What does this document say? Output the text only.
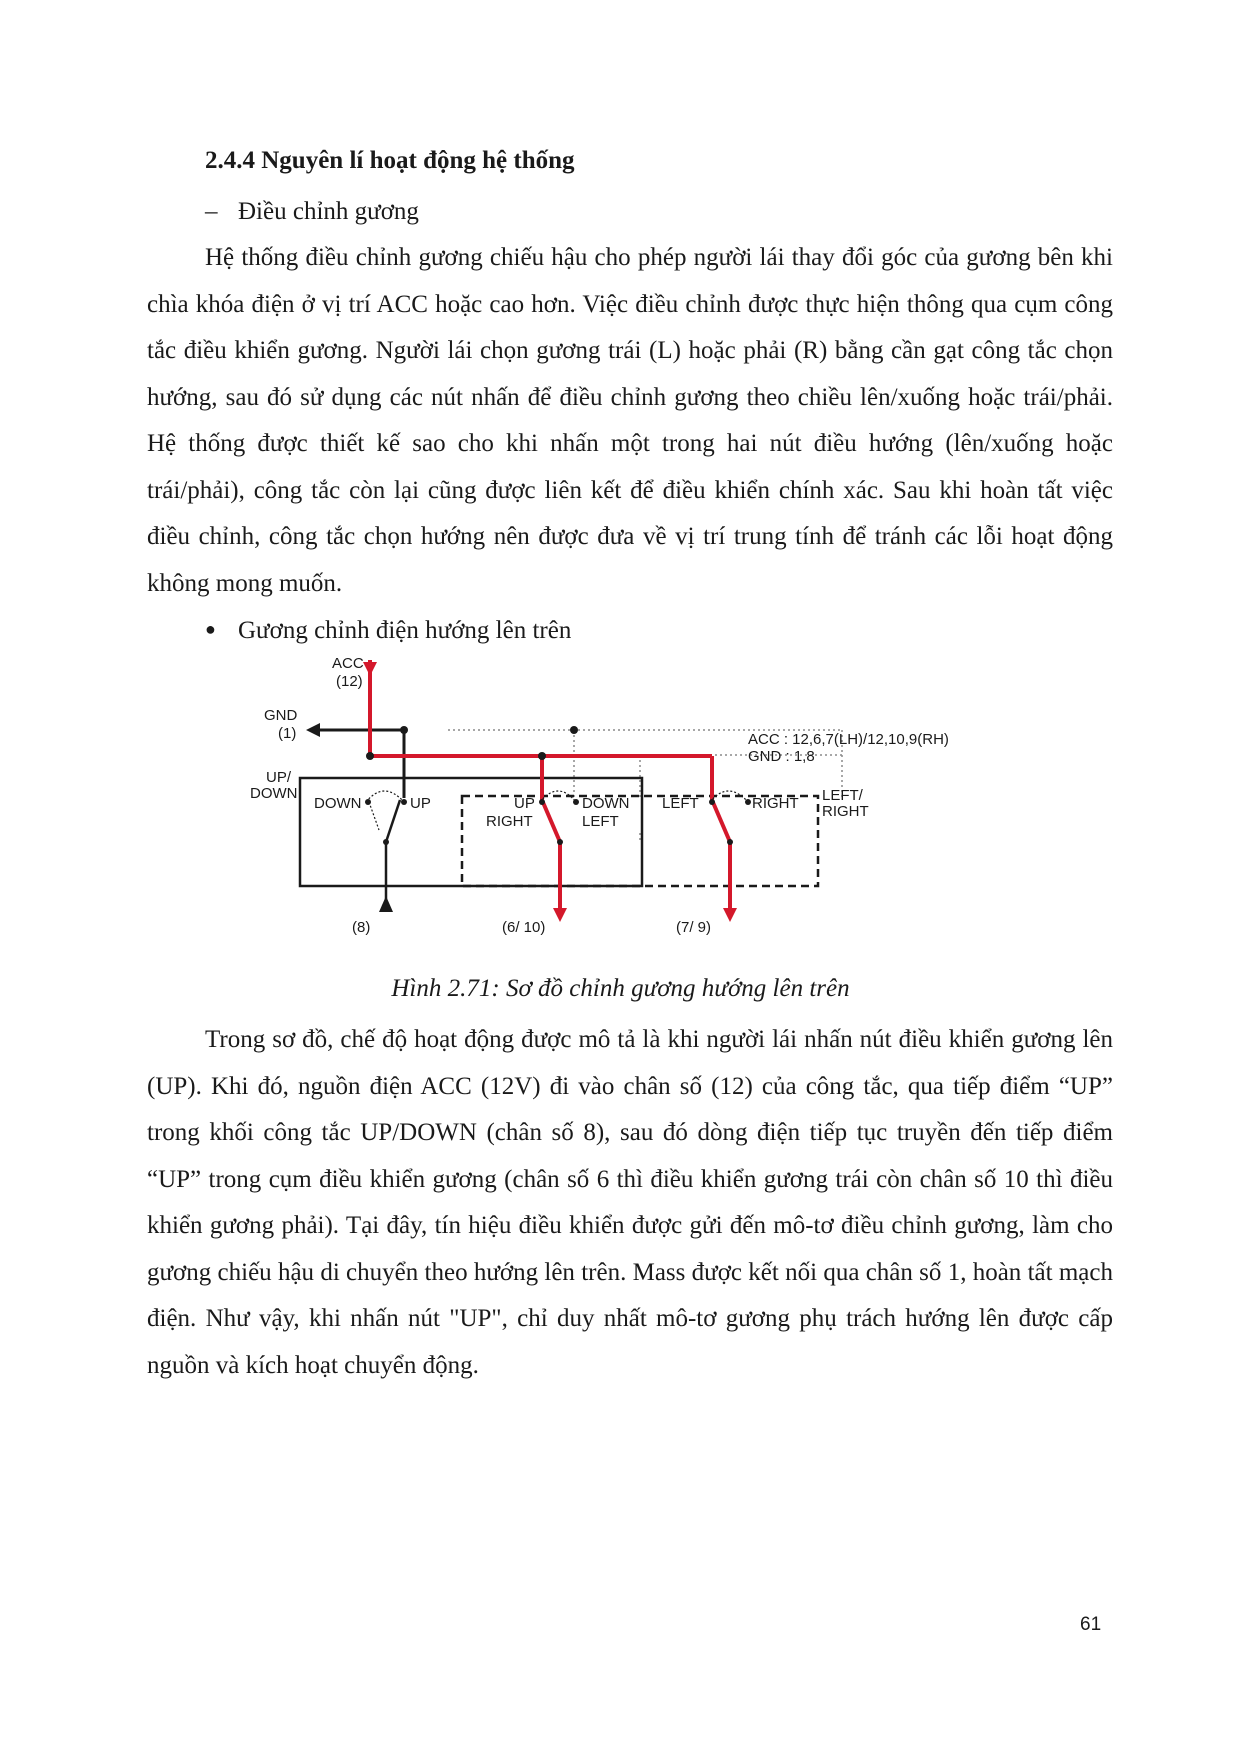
2.4.4 Nguyên lí hoạt động hệ thống
– Điều chỉnh gương

Hệ thống điều chỉnh gương chiếu hậu cho phép người lái thay đổi góc của gương bên khi chìa khóa điện ở vị trí ACC hoặc cao hơn. Việc điều chỉnh được thực hiện thông qua cụm công tắc điều khiển gương. Người lái chọn gương trái (L) hoặc phải (R) bằng cần gạt công tắc chọn hướng, sau đó sử dụng các nút nhấn để điều chỉnh gương theo chiều lên/xuống hoặc trái/phải. Hệ thống được thiết kế sao cho khi nhấn một trong hai nút điều hướng (lên/xuống hoặc trái/phải), công tắc còn lại cũng được liên kết để điều khiển chính xác. Sau khi hoàn tất việc điều chỉnh, công tắc chọn hướng nên được đưa về vị trí trung tính để tránh các lỗi hoạt động không mong muốn.

● Gương chỉnh điện hướng lên trên
ACC
(12)
GND
(1)
UP/
DOWN
DOWN	UP	UP
RIGHT
DOWN
LEFT
LEFT	RIGHT LEFT/
RIGHT
ACC : 12,6,7(LH)/12,10,9(RH)
GND : 1,8
(8)	(6/ 10)	(7/ 9)
Hình 2.71: Sơ đồ chỉnh gương hướng lên trên

Trong sơ đồ, chế độ hoạt động được mô tả là khi người lái nhấn nút điều khiển gương lên (UP). Khi đó, nguồn điện ACC (12V) đi vào chân số (12) của công tắc, qua tiếp điểm “UP” trong khối công tắc UP/DOWN (chân số 8), sau đó dòng điện tiếp tục truyền đến tiếp điểm “UP” trong cụm điều khiển gương (chân số 6 thì điều khiển gương trái còn chân số 10 thì điều khiển gương phải). Tại đây, tín hiệu điều khiển được gửi đến mô-tơ điều chỉnh gương, làm cho gương chiếu hậu di chuyển theo hướng lên trên. Mass được kết nối qua chân số 1, hoàn tất mạch điện. Như vậy, khi nhấn nút "UP", chỉ duy nhất mô-tơ gương phụ trách hướng lên được cấp nguồn và kích hoạt chuyển động.

61
